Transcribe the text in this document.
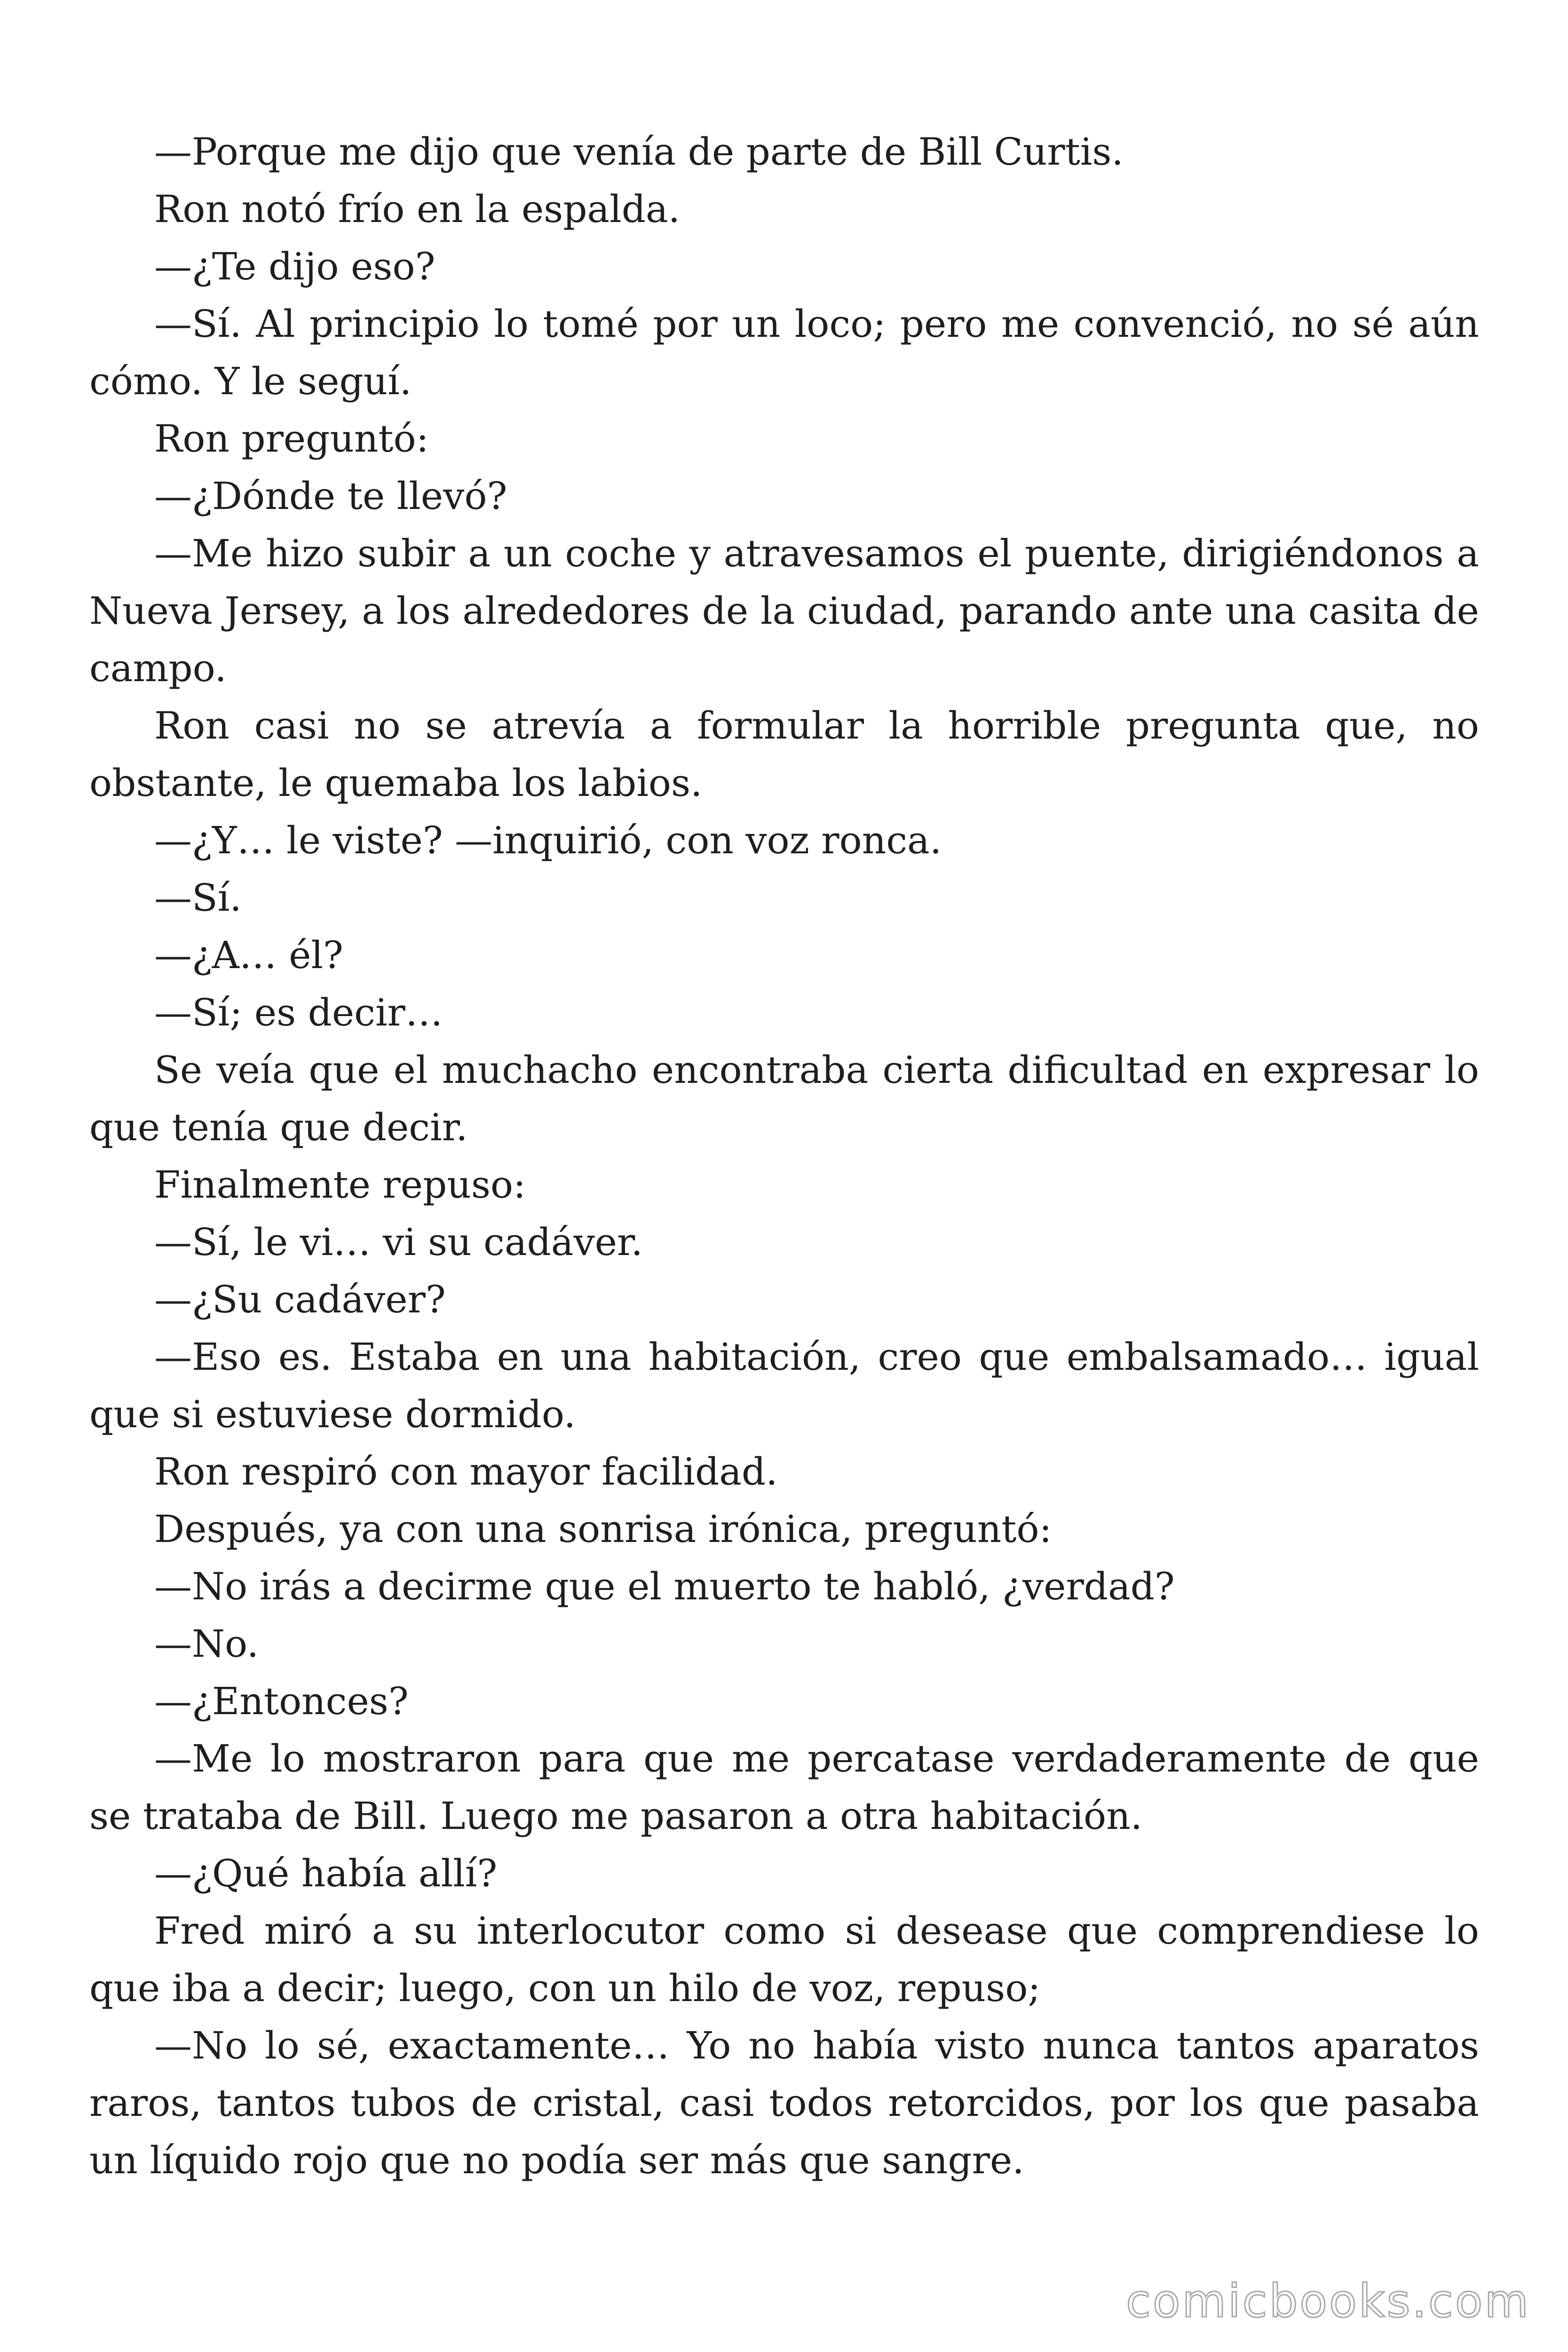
—Porque me dijo que venía de parte de Bill Curtis.

Ron notó frío en la espalda.

—¿Te dijo eso?

—Sí. Al principio lo tomé por un loco; pero me convenció, no sé aún cómo. Y le seguí.

Ron preguntó:

—¿Dónde te llevó?

—Me hizo subir a un coche y atravesamos el puente, dirigiéndonos a Nueva Jersey, a los alrededores de la ciudad, parando ante una casita de campo.

Ron casi no se atrevía a formular la horrible pregunta que, no obstante, le quemaba los labios.

—¿Y… le viste? —inquirió, con voz ronca.

—Sí.

—¿A… él?

—Sí; es decir…

Se veía que el muchacho encontraba cierta dificultad en expresar lo que tenía que decir.

Finalmente repuso:

—Sí, le vi… vi su cadáver.

—¿Su cadáver?

—Eso es. Estaba en una habitación, creo que embalsamado… igual que si estuviese dormido.

Ron respiró con mayor facilidad.

Después, ya con una sonrisa irónica, preguntó:

—No irás a decirme que el muerto te habló, ¿verdad?

—No.

—¿Entonces?

—Me lo mostraron para que me percatase verdaderamente de que se trataba de Bill. Luego me pasaron a otra habitación.

—¿Qué había allí?

Fred miró a su interlocutor como si desease que comprendiese lo que iba a decir; luego, con un hilo de voz, repuso;

—No lo sé, exactamente… Yo no había visto nunca tantos aparatos raros, tantos tubos de cristal, casi todos retorcidos, por los que pasaba un líquido rojo que no podía ser más que sangre.

comicbooks.com
